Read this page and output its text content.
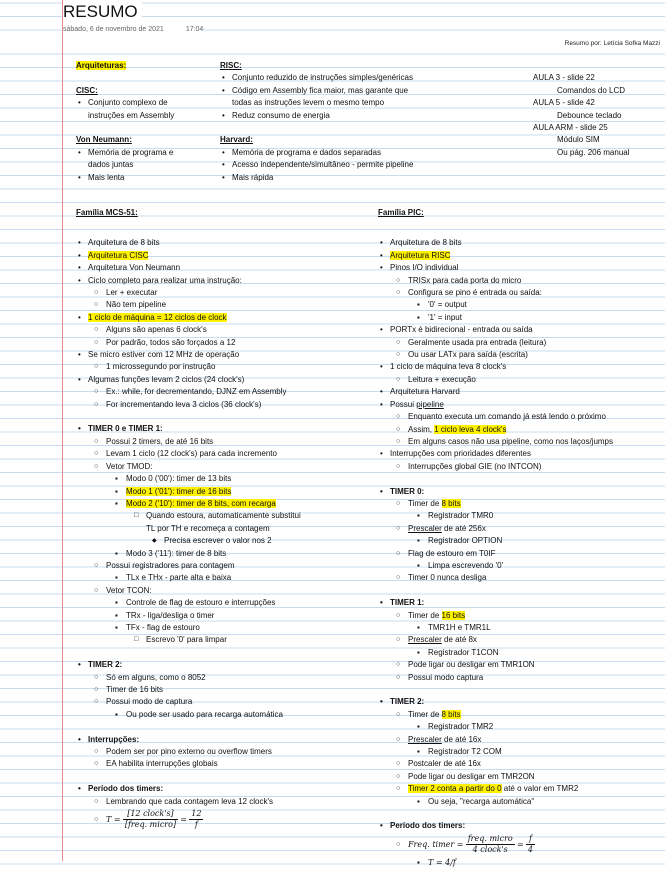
RESUMO
sábado, 6 de novembro de 2021	17:04
Resumo por: Letícia Sofka Mazzi
Arquiteturas:
CISC:
• Conjunto complexo de
instruções em Assembly
Von Neumann:
• Memória de programa e
dados juntas
• Mais lenta
RISC:
• Conjunto reduzido de instruções simples/genéricas
• Código em Assembly fica maior, mas garante que
todas as instruções levem o mesmo tempo
• Reduz consumo de energia
Harvard:
• Memória de programa e dados separadas
• Acesso independente/simultâneo - permite pipeline
• Mais rápida
AULA 3 - slide 22
Comandos do LCD
AULA 5 - slide 42
Debounce teclado
AULA ARM - slide 25
Módulo SIM
Ou pág. 206 manual
Família MCS-51:
• Arquitetura de 8 bits
• Arquitetura CISC
• Arquitetura Von Neumann
• Ciclo completo para realizar uma instrução:
○ Ler + executar
○ Não tem pipeline
• 1 ciclo de máquina = 12 ciclos de clock
○ Alguns são apenas 6 clock's
○ Por padrão, todos são forçados a 12
• Se micro estiver com 12 MHz de operação
○ 1 microssegundo por instrução
• Algumas funções levam 2 ciclos (24 clock's)
○ Ex.: while, for decrementando, DJNZ em Assembly
○ For incrementando leva 3 ciclos (36 clock's)
• TIMER 0 e TIMER 1:
○ Possui 2 timers, de até 16 bits
○ Levam 1 ciclo (12 clock's) para cada incremento
○ Vetor TMOD:
▪ Modo 0 ('00'): timer de 13 bits
▪ Modo 1 ('01'): timer de 16 bits
▪ Modo 2 ('10'): timer de 8 bits, com recarga
□ Quando estoura, automaticamente substitui
TL por TH e recomeça a contagem
◆ Precisa escrever o valor nos 2
▪ Modo 3 ('11'): timer de 8 bits
○ Possui registradores para contagem
▪ TLx e THx - parte alta e baixa
○ Vetor TCON:
▪ Controle de flag de estouro e interrupções
▪ TRx - liga/desliga o timer
▪ TFx - flag de estouro
□ Escrevo '0' para limpar
• TIMER 2:
○ Só em alguns, como o 8052
○ Timer de 16 bits
○ Possui modo de captura
▪ Ou pode ser usado para recarga automática
• Interrupções:
○ Podem ser por pino externo ou overflow timers
○ EA habilita interrupções globais
• Período dos timers:
○ Lembrando que cada contagem leva 12 clock's
○ $T = \frac{\text{[12 clock's]}}{\text{[freq. micro]}} = \frac{12}{f}$
Família PIC:
• Arquitetura de 8 bits
• Arquitetura RISC
• Pinos I/O individual
○ TRISx para cada porta do micro
○ Configura se pino é entrada ou saída:
▪ '0' = output
▪ '1' = input
• PORTx é bidirecional - entrada ou saída
○ Geralmente usada pra entrada (leitura)
○ Ou usar LATx para saída (escrita)
• 1 ciclo de máquina leva 8 clock's
○ Leitura + execução
• Arquitetura Harvard
• Possui pipeline
○ Enquanto executa um comando já está lendo o próximo
○ Assim, 1 ciclo leva 4 clock's
○ Em alguns casos não usa pipeline, como nos laços/jumps
• Interrupções com prioridades diferentes
○ Interrupções global GIE (no INTCON)
• TIMER 0:
○ Timer de 8 bits
▪ Registrador TMR0
○ Prescaler de até 256x
▪ Registrador OPTION
○ Flag de estouro em T0IF
▪ Limpa escrevendo '0'
○ Timer 0 nunca desliga
• TIMER 1:
○ Timer de 16 bits
▪ TMR1H e TMR1L
○ Prescaler de até 8x
▪ Registrador T1CON
○ Pode ligar ou desligar em TMR1ON
○ Possui modo captura
• TIMER 2:
○ Timer de 8 bits
▪ Registrador TMR2
○ Prescaler de até 16x
▪ Registrador T2 COM
○ Postcaler de até 16x
○ Pode ligar ou desligar em TMR2ON
○ Timer 2 conta a partir do 0 até o valor em TMR2
▪ Ou seja, "recarga automática"
• Período dos timers:
○ Freq. timer = $\frac{\text{freq. micro}}{\text{4 clock's}} = \frac{f}{4}$
▪ T = 4/f
